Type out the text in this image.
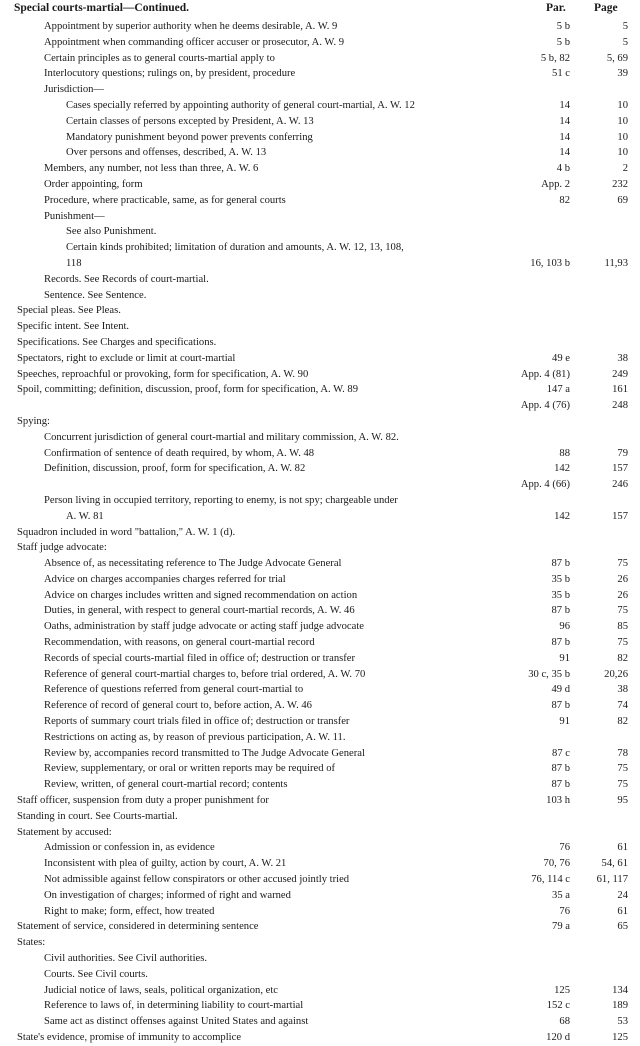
Special courts-martial—Continued.	Par. Page
Appointment by superior authority when he deems desirable, A. W. 9	5 b	5
Appointment when commanding officer accuser or prosecutor, A. W. 9	5 b	5
Certain principles as to general courts-martial apply to	5 b, 82	5, 69
Interlocutory questions; rulings on, by president, procedure	51 c	39
Jurisdiction—
Cases specially referred by appointing authority of general court-martial, A. W. 12	14	10
Certain classes of persons excepted by President, A. W. 13	14	10
Mandatory punishment beyond power prevents conferring	14	10
Over persons and offenses, described, A. W. 13	14	10
Members, any number, not less than three, A. W. 6	4 b	2
Order appointing, form	App. 2	232
Procedure, where practicable, same, as for general courts	82	69
Punishment—
See also Punishment.
Certain kinds prohibited; limitation of duration and amounts, A. W. 12, 13, 108,
118	16, 103 b	11,93
Records. See Records of court-martial.
Sentence. See Sentence.
Special pleas. See Pleas.
Specific intent. See Intent.
Specifications. See Charges and specifications.
Spectators, right to exclude or limit at court-martial	49 e	38
Speeches, reproachful or provoking, form for specification, A. W. 90	App. 4 (81)	249
Spoil, committing; definition, discussion, proof, form for specification, A. W. 89	147 a	161
App. 4 (76)	248
Spying:
Concurrent jurisdiction of general court-martial and military commission, A. W. 82.
Confirmation of sentence of death required, by whom, A. W. 48	88	79
Definition, discussion, proof, form for specification, A. W. 82	142	157
App. 4 (66)	246
Person living in occupied territory, reporting to enemy, is not spy; chargeable under
A. W. 81	142	157
Squadron included in word "battalion," A. W. 1 (d).
Staff judge advocate:
Absence of, as necessitating reference to The Judge Advocate General	87 b	75
Advice on charges accompanies charges referred for trial	35 b	26
Advice on charges includes written and signed recommendation on action	35 b	26
Duties, in general, with respect to general court-martial records, A. W. 46	87 b	75
Oaths, administration by staff judge advocate or acting staff judge advocate	96	85
Recommendation, with reasons, on general court-martial record	87 b	75
Records of special courts-martial filed in office of; destruction or transfer	91	82
Reference of general court-martial charges to, before trial ordered, A. W. 70	30 c, 35 b	20,26
Reference of questions referred from general court-martial to	49 d	38
Reference of record of general court to, before action, A. W. 46	87 b	74
Reports of summary court trials filed in office of; destruction or transfer	91	82
Restrictions on acting as, by reason of previous participation, A. W. 11.
Review by, accompanies record transmitted to The Judge Advocate General	87 c	78
Review, supplementary, or oral or written reports may be required of	87 b	75
Review, written, of general court-martial record; contents	87 b	75
Staff officer, suspension from duty a proper punishment for	103 h	95
Standing in court. See Courts-martial.
Statement by accused:
Admission or confession in, as evidence	76	61
Inconsistent with plea of guilty, action by court, A. W. 21	70, 76	54, 61
Not admissible against fellow conspirators or other accused jointly tried	76, 114 c	61, 117
On investigation of charges; informed of right and warned	35 a	24
Right to make; form, effect, how treated	76	61
Statement of service, considered in determining sentence	79 a	65
States:
Civil authorities. See Civil authorities.
Courts. See Civil courts.
Judicial notice of laws, seals, political organization, etc	125	134
Reference to laws of, in determining liability to court-martial	152 c	189
Same act as distinct offenses against United States and against	68	53
State's evidence, promise of immunity to accomplice	120 d	125
